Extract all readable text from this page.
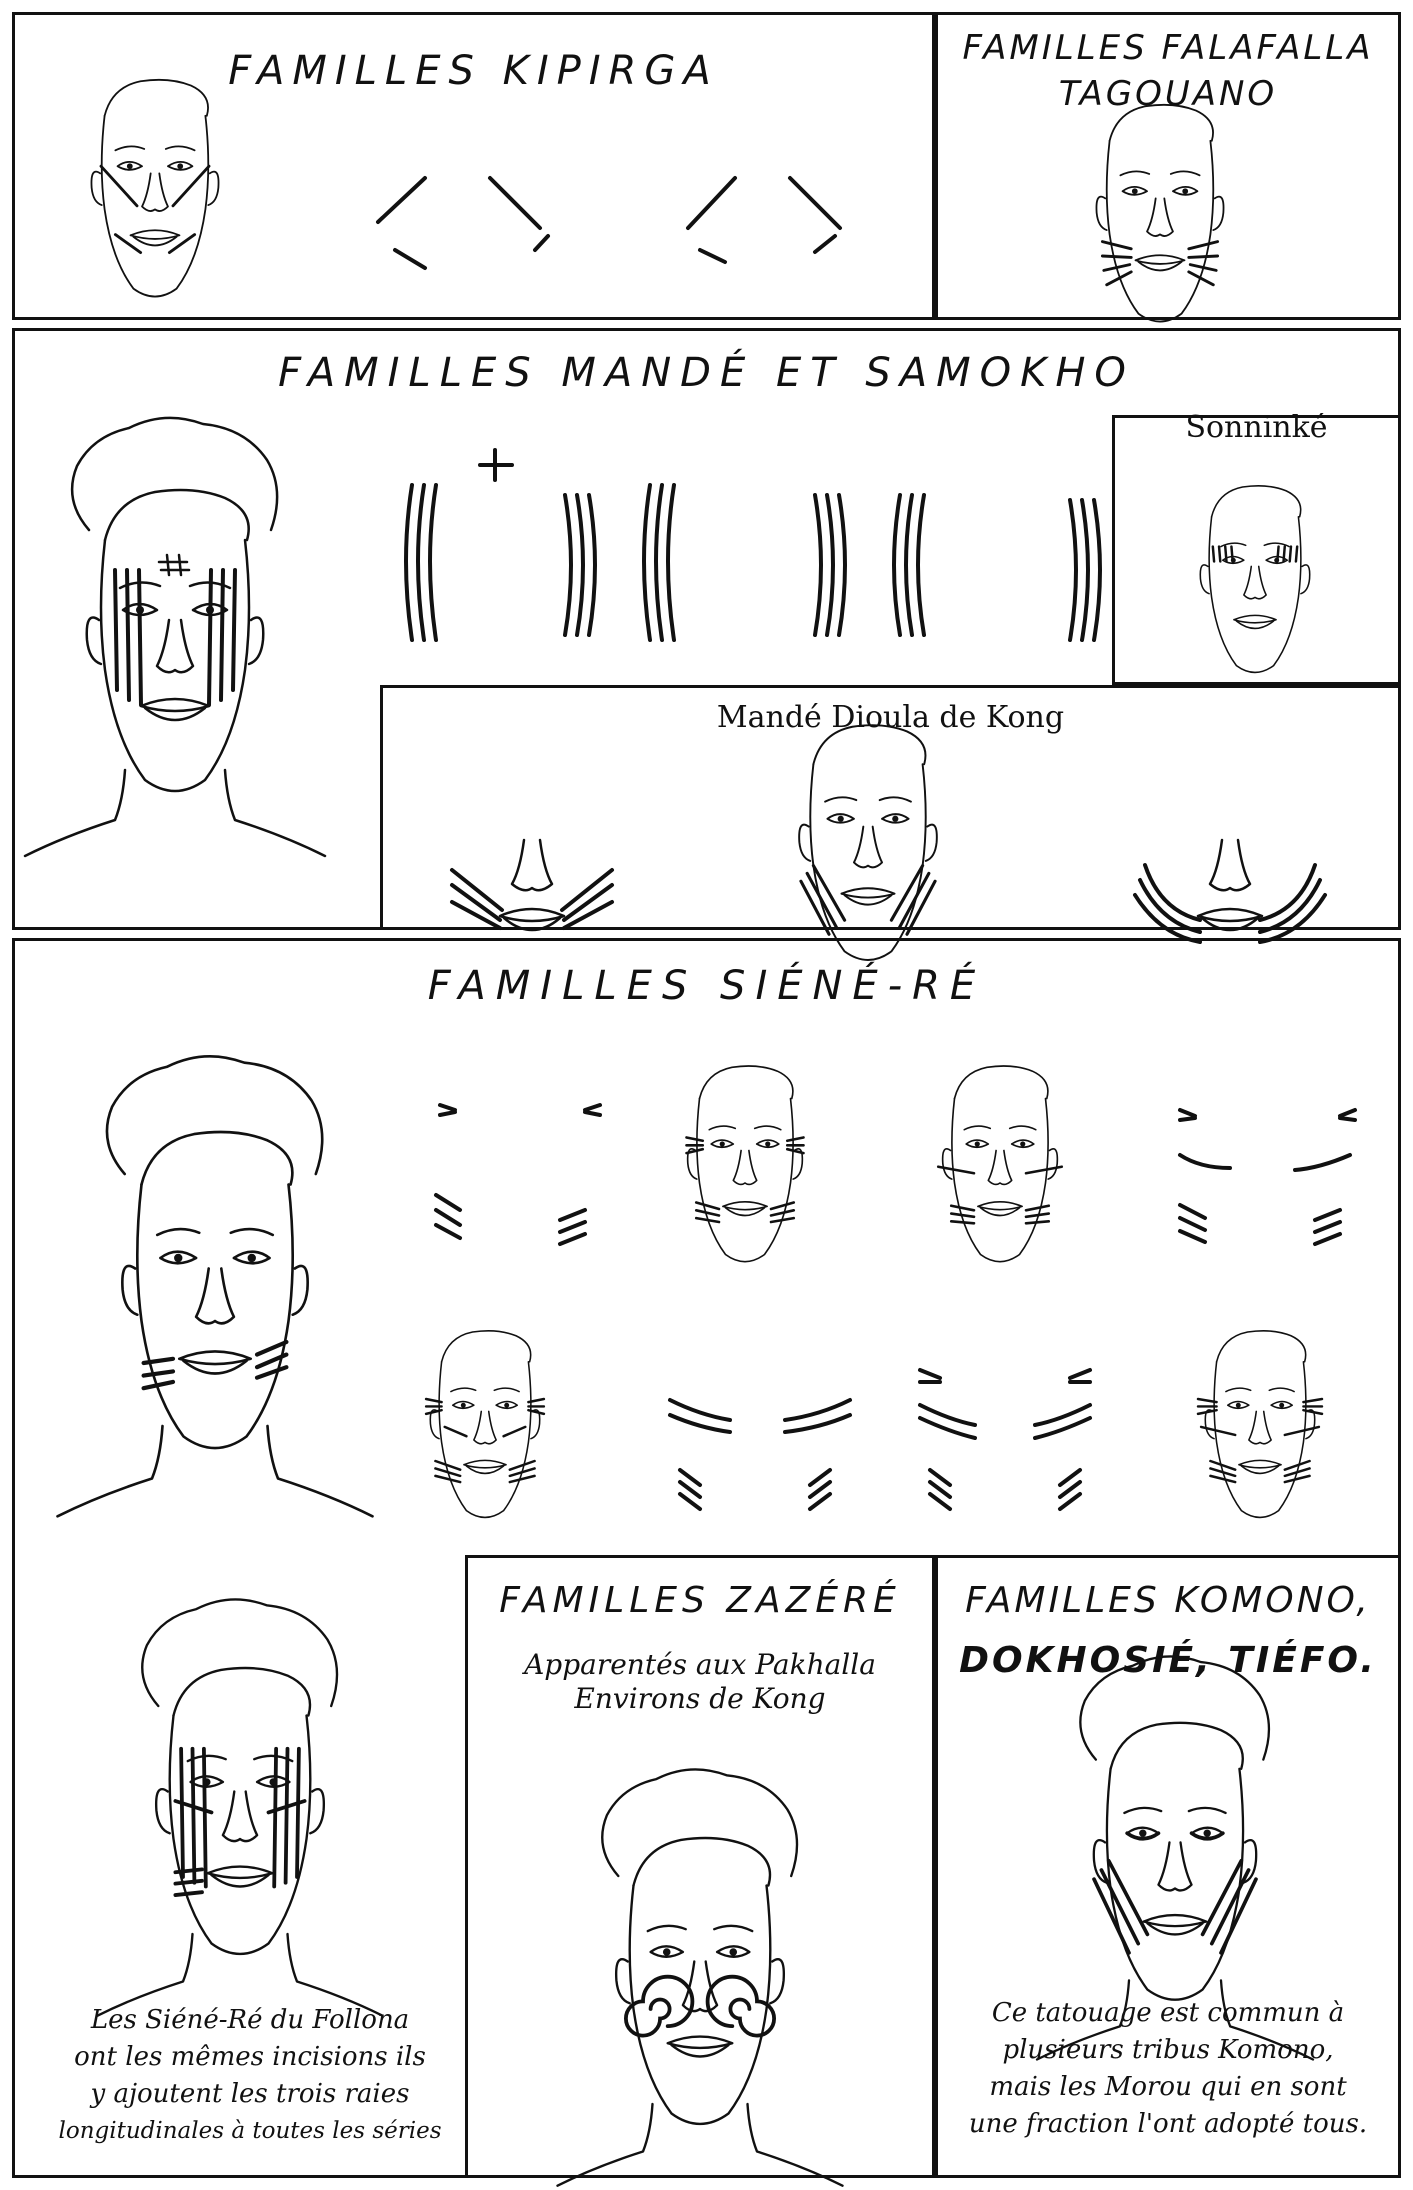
FAMILLES KIPIRGA	FAMILLES FALAFALLA
TAGOUANO
FAMILLES MANDÉ ET SAMOKHO
Sonninké
Mandé Dioula de Kong
FAMILLES SIÉNÉ-RÉ
FAMILLES ZAZÉRÉ
Apparentés aux Pakhalla
Environs de Kong
FAMILLES KOMONO,
DOKHOSIÉ, TIÉFO.
Les Siéné-Ré du Follona
ont les mêmes incisions ils
y ajoutent les trois raies
longitudinales à toutes les séries
Ce tatouage est commun à
plusieurs tribus Komono,
mais les Morou qui en sont
une fraction l'ont adopté tous.
